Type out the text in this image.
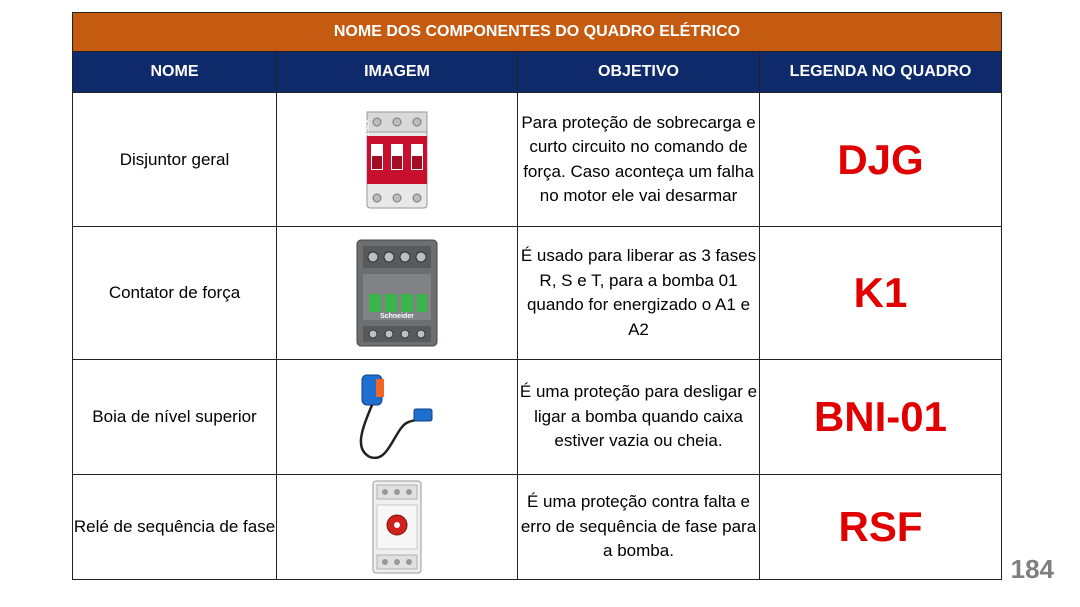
NOME DOS COMPONENTES DO QUADRO ELÉTRICO			
NOME	IMAGEM	OBJETIVO	LEGENDA NO QUADRO
Disjuntor geral	STECK	Para proteção de sobrecarga e curto circuito no comando de força. Caso aconteça um falha no motor ele vai desarmar	DJG
Contator de força	Schneider	É usado para liberar as 3 fases R, S e T, para a bomba 01 quando for energizado o A1 e A2	K1
Boia de nível superior		É uma proteção para desligar e ligar a bomba quando caixa estiver vazia ou cheia.	BNI-01
Relé de sequência de fase		É uma proteção contra falta e erro de sequência de fase para a bomba.	RSF
184
